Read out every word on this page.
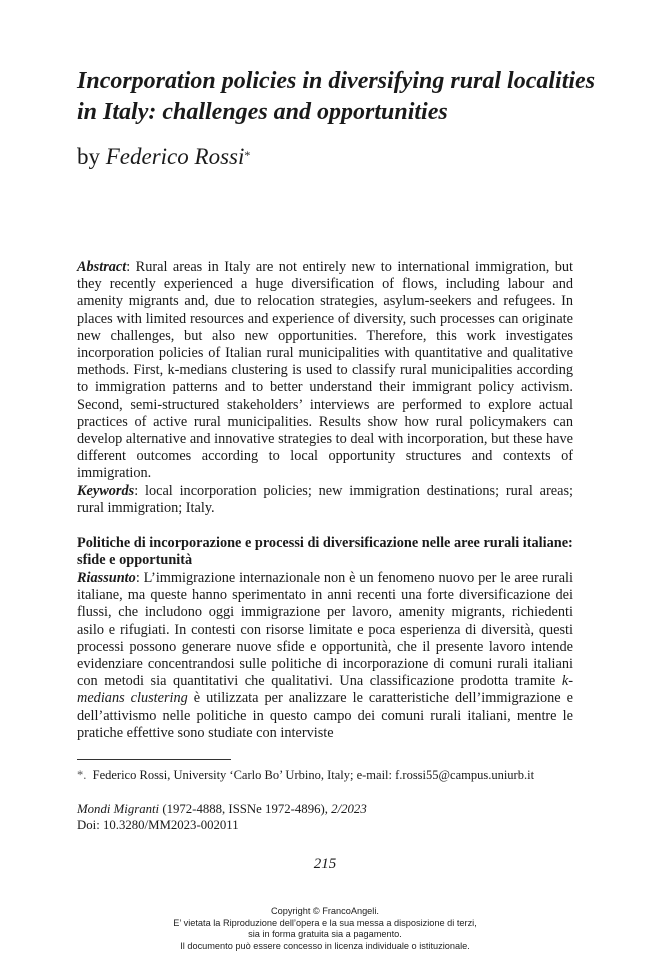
Incorporation policies in diversifying rural localities in Italy: challenges and opportunities

by Federico Rossi*

Abstract: Rural areas in Italy are not entirely new to international immigration, but they recently experienced a huge diversification of flows, including labour and amenity migrants and, due to relocation strategies, asylum-seekers and refugees. In places with limited resources and experience of diversity, such processes can originate new challenges, but also new opportunities. Therefore, this work investigates incorporation policies of Italian rural municipalities with quantitative and qualitative methods. First, k-medians clustering is used to classify rural municipalities according to immigration patterns and to better understand their immigrant policy activism. Second, semi-structured stakeholders’ interviews are performed to explore actual practices of active rural municipalities. Results show how rural policymakers can develop alternative and innovative strategies to deal with incorporation, but these have different outcomes according to local opportunity structures and contexts of immigration.

Keywords: local incorporation policies; new immigration destinations; rural areas; rural immigration; Italy.

Politiche di incorporazione e processi di diversificazione nelle aree rurali italiane: sfide e opportunità

Riassunto: L’immigrazione internazionale non è un fenomeno nuovo per le aree rurali italiane, ma queste hanno sperimentato in anni recenti una forte diversificazione dei flussi, che includono oggi immigrazione per lavoro, amenity migrants, richiedenti asilo e rifugiati. In contesti con risorse limitate e poca esperienza di diversità, questi processi possono generare nuove sfide e opportunità, che il presente lavoro intende evidenziare concentrandosi sulle politiche di incorporazione di comuni rurali italiani con metodi sia quantitativi che qualitativi. Una classificazione prodotta tramite k-medians clustering è utilizzata per analizzare le caratteristiche dell’immigrazione e dell’attivismo nelle politiche in questo campo dei comuni rurali italiani, mentre le pratiche effettive sono studiate con interviste

*. Federico Rossi, University ‘Carlo Bo’ Urbino, Italy; e-mail: f.rossi55@campus.uniurb.it

Mondi Migranti (1972-4888, ISSNe 1972-4896), 2/2023
Doi: 10.3280/MM2023-002011

215

Copyright © FrancoAngeli.
E’ vietata la Riproduzione dell’opera e la sua messa a disposizione di terzi,
sia in forma gratuita sia a pagamento.
Il documento può essere concesso in licenza individuale o istituzionale.
